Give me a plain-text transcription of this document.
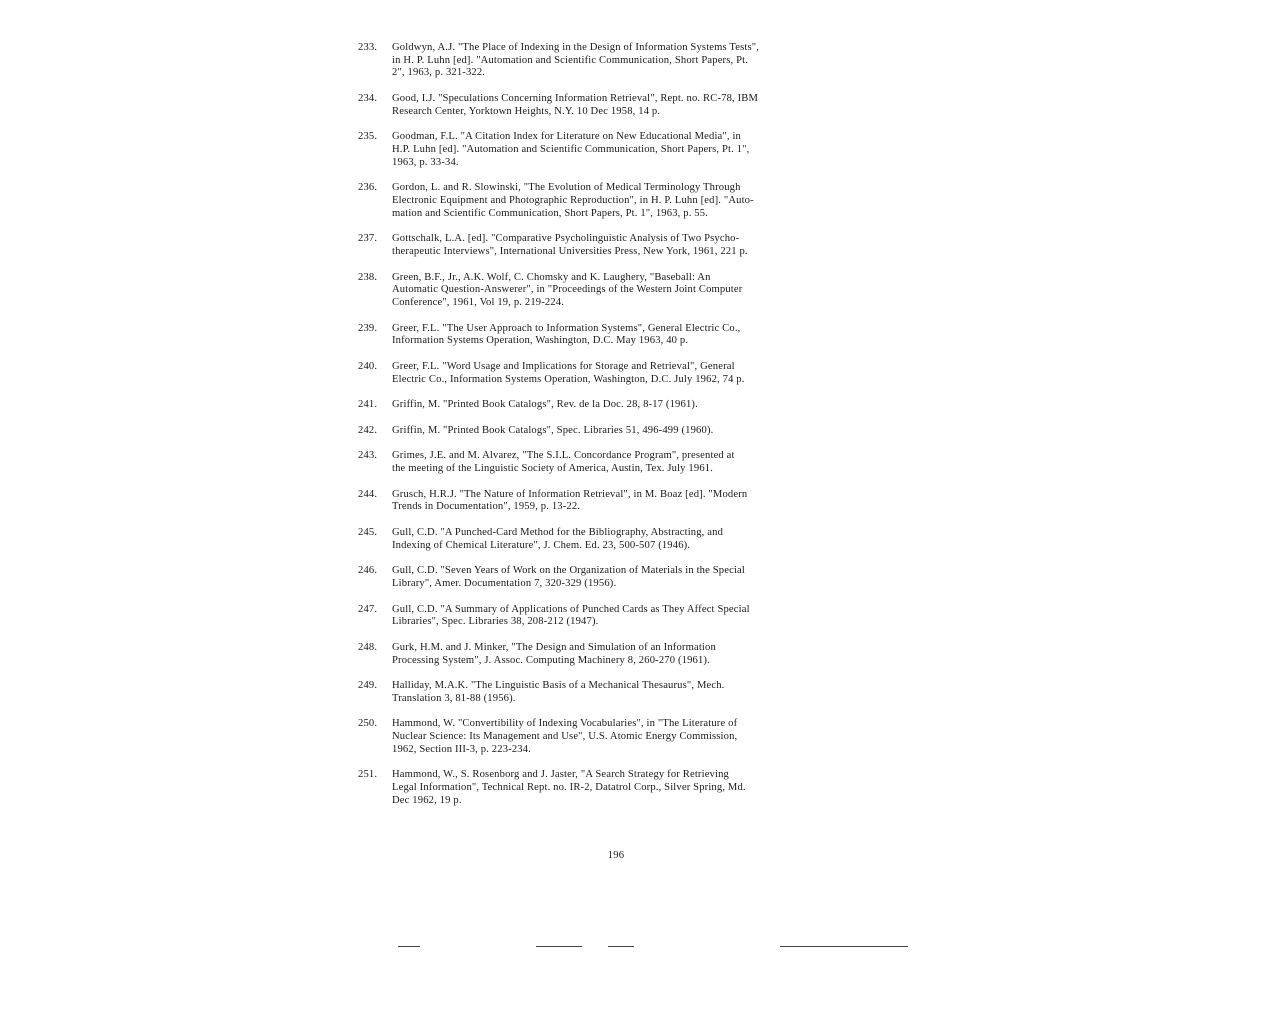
233.	Goldwyn, A.J. "The Place of Indexing in the Design of Information Systems Tests",
in H. P. Luhn [ed]. "Automation and Scientific Communication, Short Papers, Pt.
2", 1963, p. 321-322.
234.	Good, I.J. "Speculations Concerning Information Retrieval", Rept. no. RC-78, IBM
Research Center, Yorktown Heights, N.Y. 10 Dec 1958, 14 p.
235.	Goodman, F.L. "A Citation Index for Literature on New Educational Media", in
H.P. Luhn [ed]. "Automation and Scientific Communication, Short Papers, Pt. 1",
1963, p. 33-34.
236.	Gordon, L. and R. Slowinski, "The Evolution of Medical Terminology Through
Electronic Equipment and Photographic Reproduction", in H. P. Luhn [ed]. "Auto-
mation and Scientific Communication, Short Papers, Pt. 1", 1963, p. 55.
237.	Gottschalk, L.A. [ed]. "Comparative Psycholinguistic Analysis of Two Psycho-
therapeutic Interviews", International Universities Press, New York, 1961, 221 p.
238.	Green, B.F., Jr., A.K. Wolf, C. Chomsky and K. Laughery, "Baseball: An
Automatic Question-Answerer", in "Proceedings of the Western Joint Computer
Conference", 1961, Vol 19, p. 219-224.
239.	Greer, F.L. "The User Approach to Information Systems", General Electric Co.,
Information Systems Operation, Washington, D.C. May 1963, 40 p.
240.	Greer, F.L. "Word Usage and Implications for Storage and Retrieval", General
Electric Co., Information Systems Operation, Washington, D.C. July 1962, 74 p.
241.	Griffin, M. "Printed Book Catalogs", Rev. de la Doc. 28, 8-17 (1961).
242.	Griffin, M. "Printed Book Catalogs", Spec. Libraries 51, 496-499 (1960).
243.	Grimes, J.E. and M. Alvarez, "The S.I.L. Concordance Program", presented at
the meeting of the Linguistic Society of America, Austin, Tex. July 1961.
244.	Grusch, H.R.J. "The Nature of Information Retrieval", in M. Boaz [ed]. "Modern
Trends in Documentation", 1959, p. 13-22.
245.	Gull, C.D. "A Punched-Card Method for the Bibliography, Abstracting, and
Indexing of Chemical Literature", J. Chem. Ed. 23, 500-507 (1946).
246.	Gull, C.D. "Seven Years of Work on the Organization of Materials in the Special
Library", Amer. Documentation 7, 320-329 (1956).
247.	Gull, C.D. "A Summary of Applications of Punched Cards as They Affect Special
Libraries", Spec. Libraries 38, 208-212 (1947).
248.	Gurk, H.M. and J. Minker, "The Design and Simulation of an Information
Processing System", J. Assoc. Computing Machinery 8, 260-270 (1961).
249.	Halliday, M.A.K. "The Linguistic Basis of a Mechanical Thesaurus", Mech.
Translation 3, 81-88 (1956).
250.	Hammond, W. "Convertibility of Indexing Vocabularies", in "The Literature of
Nuclear Science: Its Management and Use", U.S. Atomic Energy Commission,
1962, Section III-3, p. 223-234.
251.	Hammond, W., S. Rosenborg and J. Jaster, "A Search Strategy for Retrieving
Legal Information", Technical Rept. no. IR-2, Datatrol Corp., Silver Spring, Md.
Dec 1962, 19 p.
196
